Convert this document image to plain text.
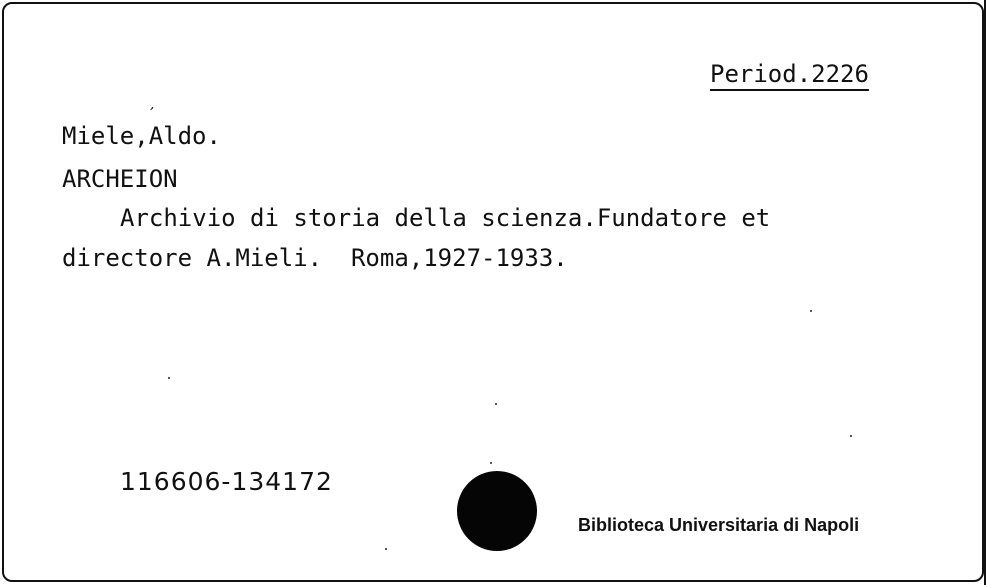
Period.2226
ʼ
Miele,Aldo.
ARCHEION
Archivio di storia della scienza.Fundatore et
directore A.Mieli.  Roma,1927-1933.
116606-134172
Biblioteca Universitaria di Napoli
